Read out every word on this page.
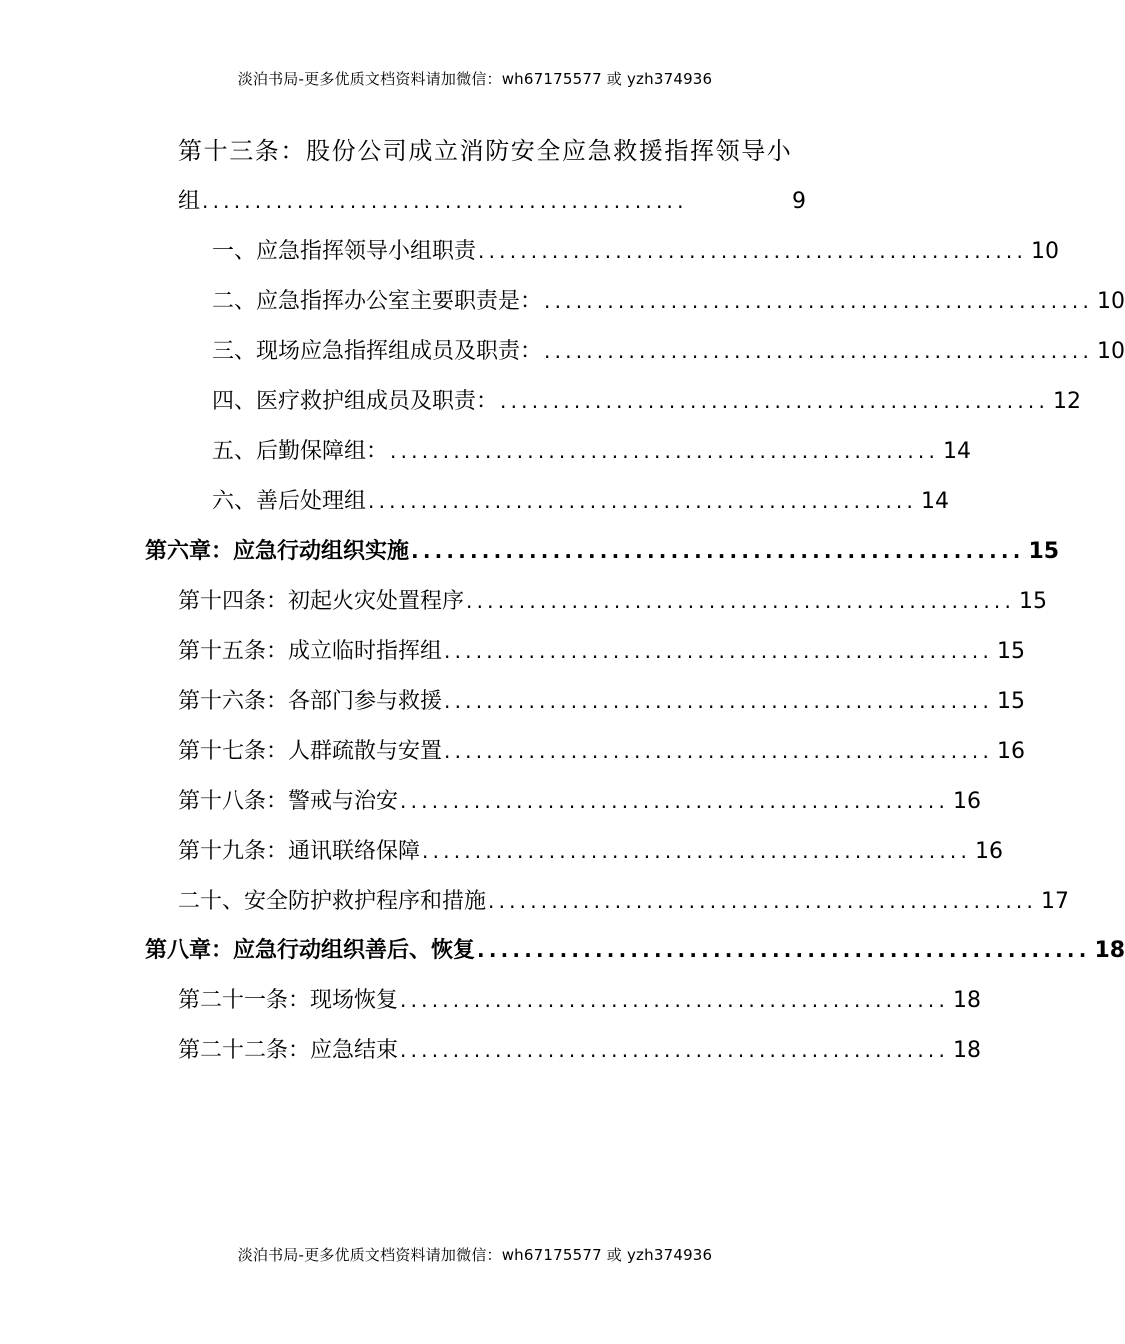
淡泊书局-更多优质文档资料请加微信：wh67175577 或 yzh374936
第十三条：股份公司成立消防安全应急救援指挥领导小
组 ..............................................	9
一、应急指挥领导小组职责 .................................................... 10
二、应急指挥办公室主要职责是： .................................................... 10
三、现场应急指挥组成员及职责： .................................................... 10
四、医疗救护组成员及职责： .................................................... 12
五、后勤保障组： .................................................... 14
六、善后处理组 .................................................... 14
第六章：应急行动组织实施 .................................................... 15
第十四条：初起火灾处置程序 .................................................... 15
第十五条：成立临时指挥组 .................................................... 15
第十六条：各部门参与救援 .................................................... 15
第十七条：人群疏散与安置 .................................................... 16
第十八条：警戒与治安 .................................................... 16
第十九条：通讯联络保障 .................................................... 16
二十、安全防护救护程序和措施 .................................................... 17
第八章：应急行动组织善后、恢复 .................................................... 18
第二十一条：现场恢复 .................................................... 18
第二十二条：应急结束 .................................................... 18
淡泊书局-更多优质文档资料请加微信：wh67175577 或 yzh374936
